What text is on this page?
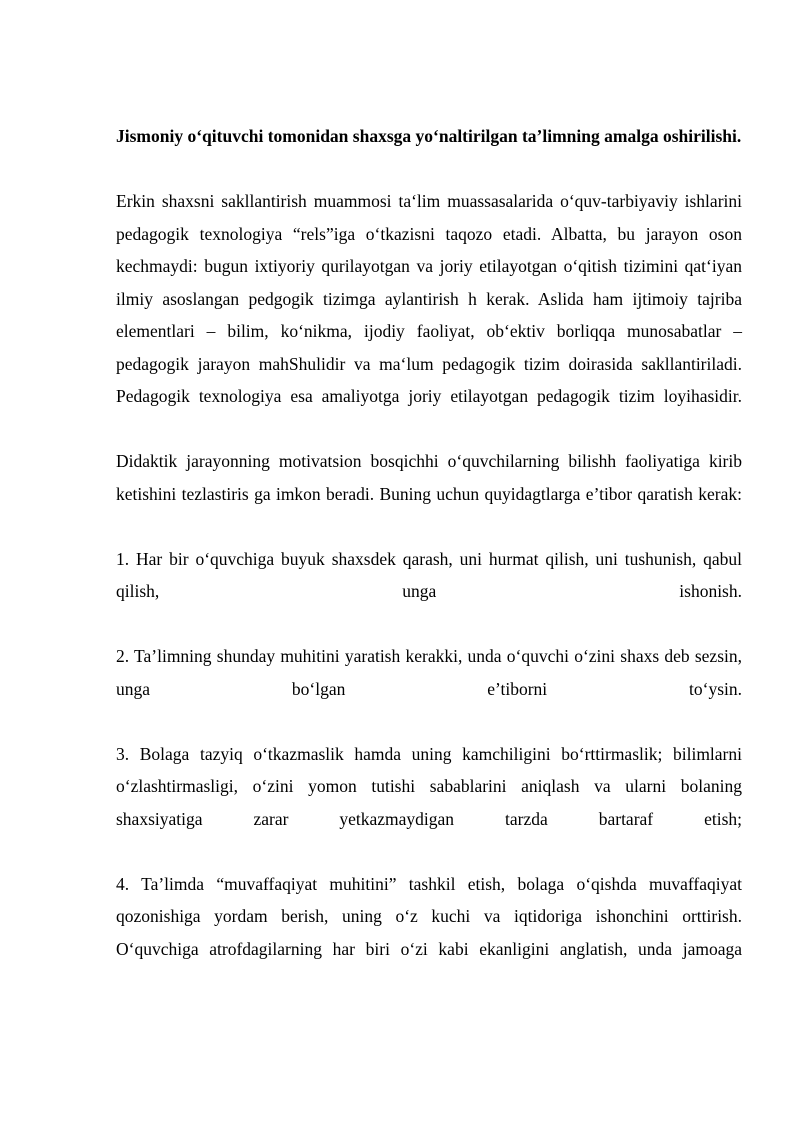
Jismoniy o‘qituvchi tomonidan shaxsga yo‘naltirilgan ta’limning amalga oshirilishi.

Erkin shaxsni sakllantirish muammosi ta‘lim muassasalarida o‘quv-tarbiyaviy ishlarini pedagogik texnologiya “rels”iga o‘tkazisni taqozo etadi. Albatta, bu jarayon oson kechmaydi: bugun ixtiyoriy qurilayotgan va joriy etilayotgan o‘qitish tizimini qat‘iyan ilmiy asoslangan pedgogik tizimga aylantirish h kerak. Aslida ham ijtimoiy tajriba elementlari – bilim, ko‘nikma, ijodiy faoliyat, ob‘ektiv borliqqa munosabatlar – pedagogik jarayon mahShulidir va ma‘lum pedagogik tizim doirasida sakllantiriladi. Pedagogik texnologiya esa amaliyotga joriy etilayotgan pedagogik tizim loyihasidir.

Didaktik jarayonning motivatsion bosqichhi o‘quvchilarning bilishh faoliyatiga kirib ketishini tezlastiris ga imkon beradi. Buning uchun quyidagtlarga e’tibor qaratish kerak:

1. Har bir o‘quvchiga buyuk shaxsdek qarash, uni hurmat qilish, uni tushunish, qabul qilish, unga ishonish.

2. Ta’limning shunday muhitini yaratish kerakki, unda o‘quvchi o‘zini shaxs deb sezsin, unga bo‘lgan e’tiborni to‘ysin.

3. Bolaga tazyiq o‘tkazmaslik hamda uning kamchiligini bo‘rttirmaslik; bilimlarni o‘zlashtirmasligi, o‘zini yomon tutishi sabablarini aniqlash va ularni bolaning shaxsiyatiga zarar yetkazmaydigan tarzda bartaraf etish;

4. Ta’limda “muvaffaqiyat muhitini” tashkil etish, bolaga o‘qishda muvaffaqiyat qozonishiga yordam berish, uning o‘z kuchi va iqtidoriga ishonchini orttirish. O‘quvchiga atrofdagilarning har biri o‘zi kabi ekanligini anglatish, unda jamoaga
